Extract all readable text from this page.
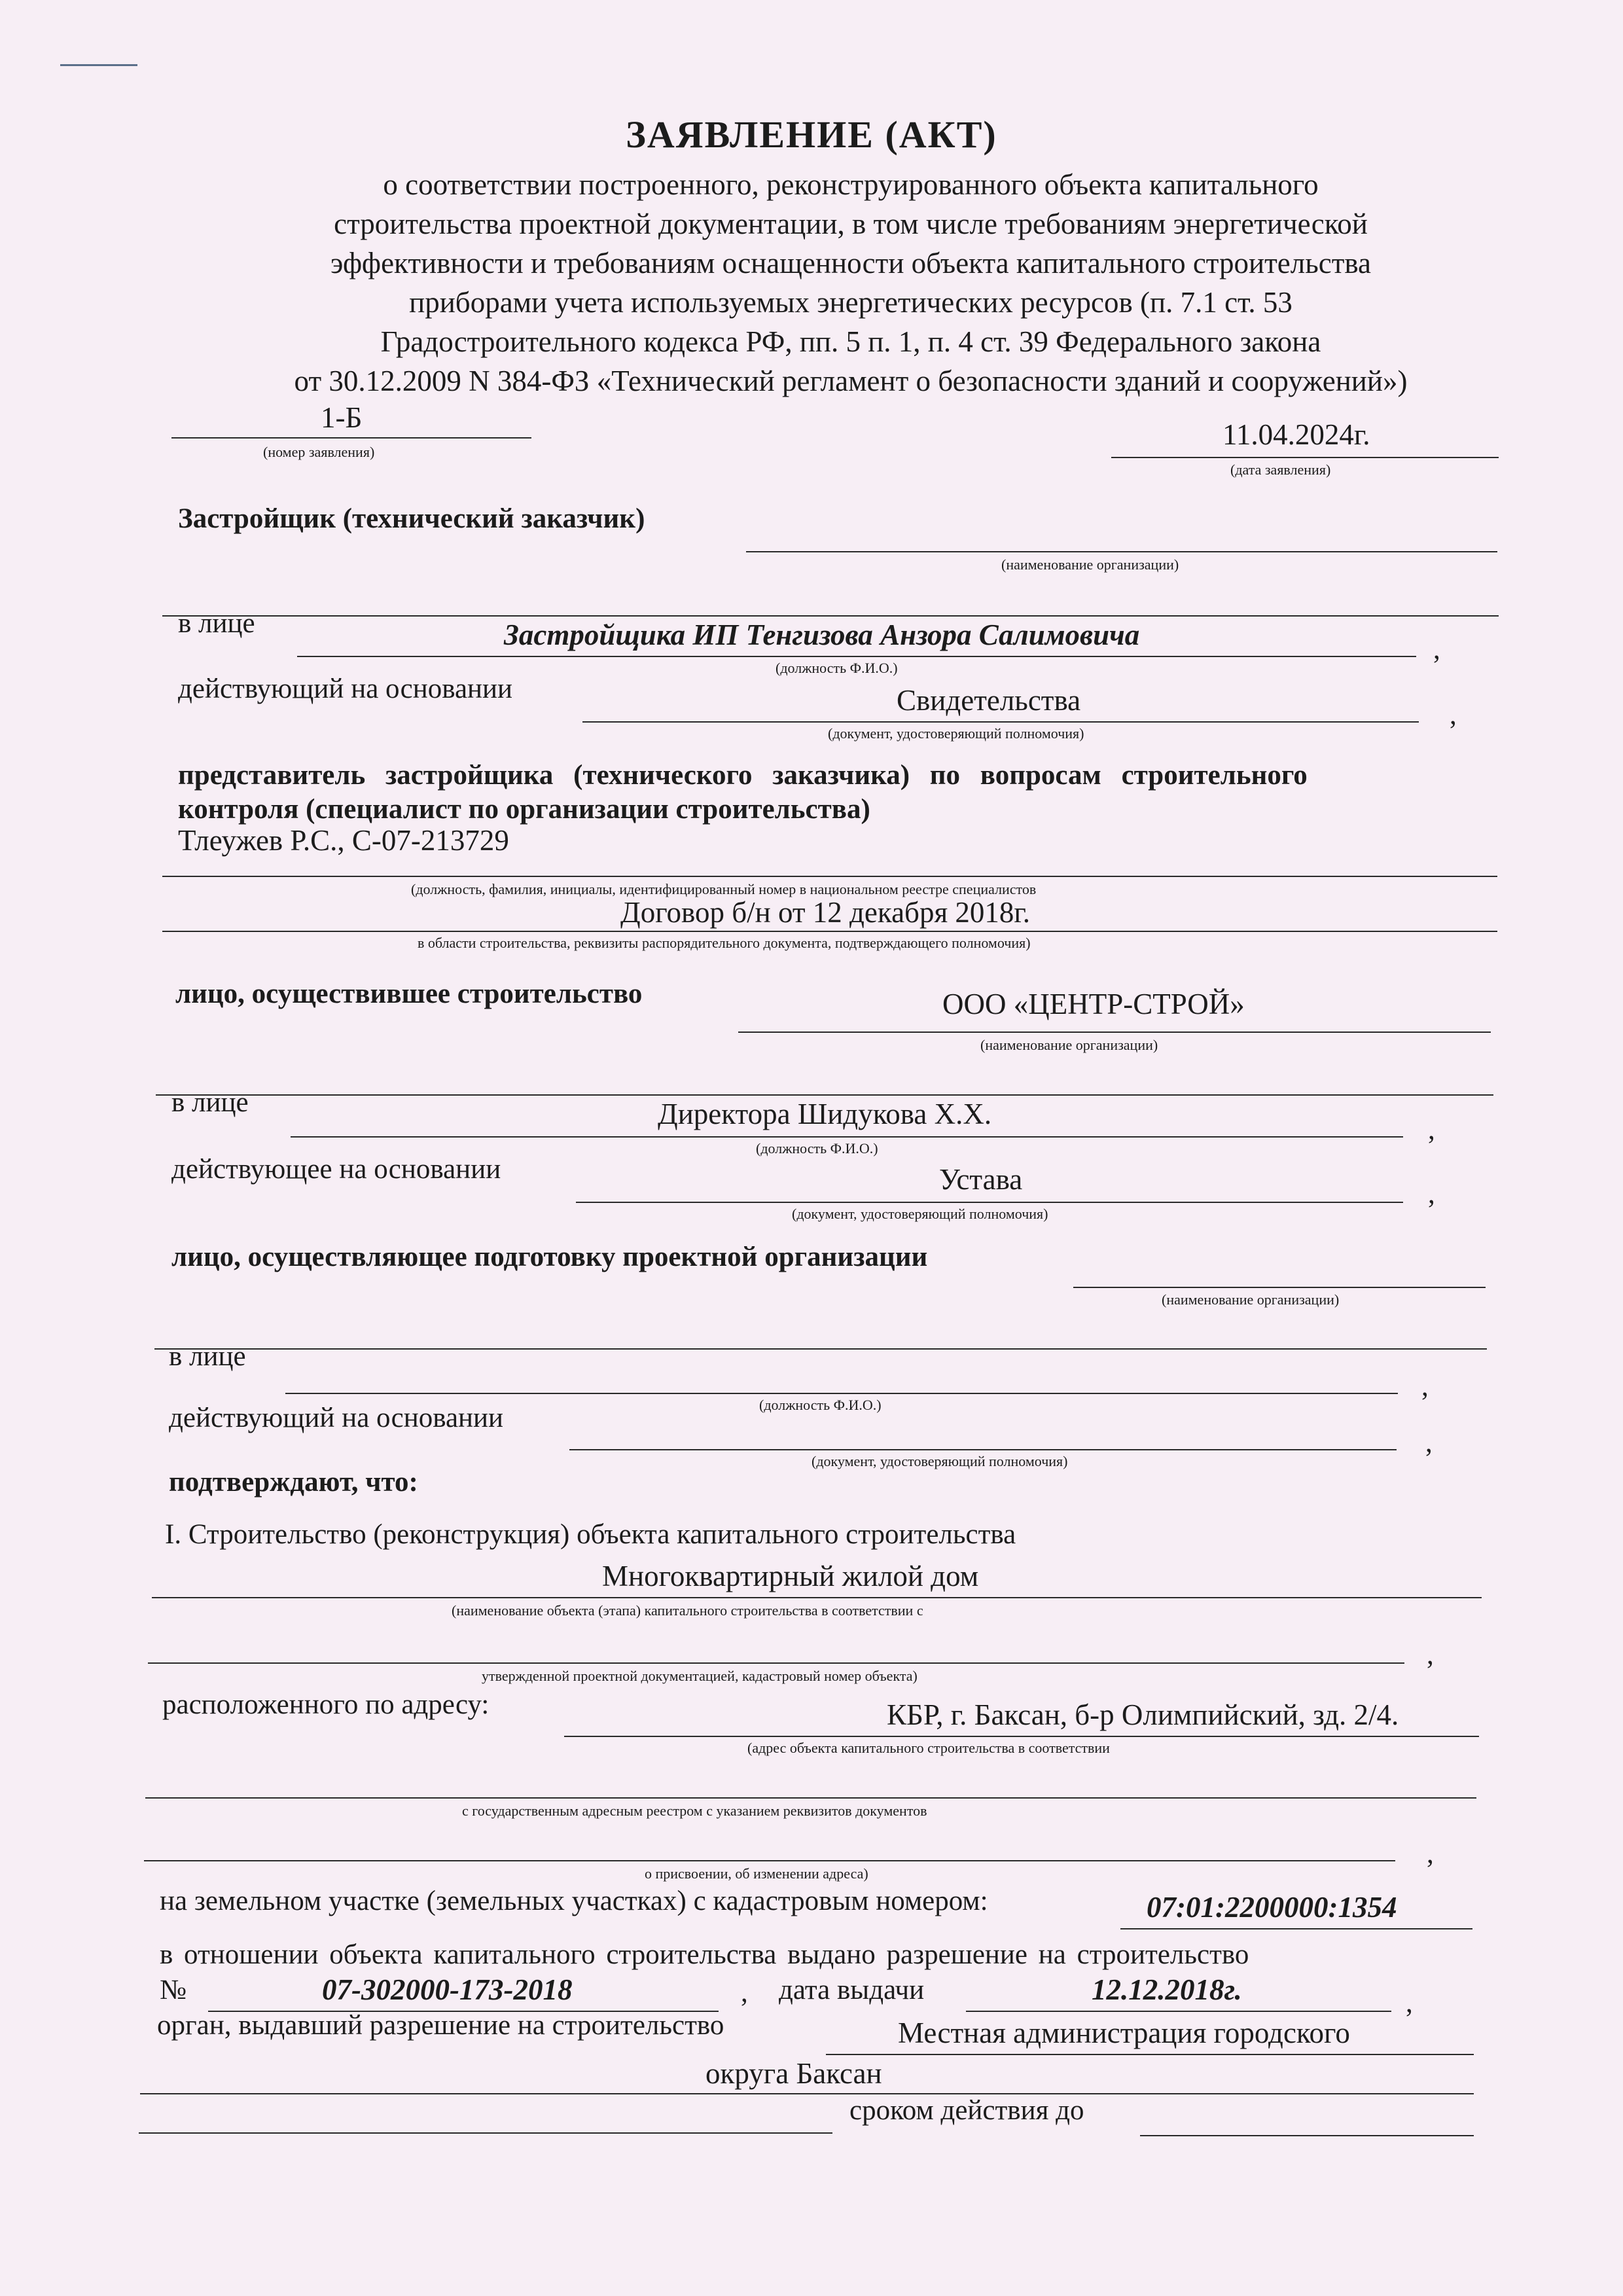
ЗАЯВЛЕНИЕ (АКТ)
о соответствии построенного, реконструированного объекта капитального
строительства проектной документации, в том числе требованиям энергетической
эффективности и требованиям оснащенности объекта капитального строительства
приборами учета используемых энергетических ресурсов (п. 7.1 ст. 53
Градостроительного кодекса РФ, пп. 5 п. 1, п. 4 ст. 39 Федерального закона
от 30.12.2009 N 384-ФЗ «Технический регламент о безопасности зданий и сооружений»)
1-Б
(номер заявления)
11.04.2024г.
(дата заявления)
Застройщик (технический заказчик)
(наименование организации)
в лице	Застройщика ИП Тенгизова Анзора Салимовича	,
(должность Ф.И.О.)
действующий на основании	Свидетельства	,
(документ, удостоверяющий полномочия)
представитель застройщика (технического заказчика) по вопросам строительного
контроля (специалист по организации строительства)
Тлеужев Р.С., С-07-213729
(должность, фамилия, инициалы, идентифицированный номер в национальном реестре специалистов
Договор б/н от 12 декабря 2018г.
в области строительства, реквизиты распорядительного документа, подтверждающего полномочия)
лицо, осуществившее строительство	ООО «ЦЕНТР-СТРОЙ»
(наименование организации)
в лице	Директора Шидукова Х.Х.	,
(должность Ф.И.О.)
действующее на основании	Устава	,
(документ, удостоверяющий полномочия)
лицо, осуществляющее подготовку проектной организации
(наименование организации)
в лице
,
(должность Ф.И.О.)
действующий на основании
,
(документ, удостоверяющий полномочия)
подтверждают, что:
I. Строительство (реконструкция) объекта капитального строительства
Многоквартирный жилой дом
(наименование объекта (этапа) капитального строительства в соответствии с
,
утвержденной проектной документацией, кадастровый номер объекта)
расположенного по адресу:	КБР, г. Баксан, б-р Олимпийский, зд. 2/4.
(адрес объекта капитального строительства в соответствии
с государственным адресным реестром с указанием реквизитов документов
,
о присвоении, об изменении адреса)
на земельном участке (земельных участках) с кадастровым номером:	07:01:2200000:1354
в отношении объекта капитального строительства выдано разрешение на строительство
№	07-302000-173-2018	, дата выдачи	12.12.2018г.	,
орган, выдавший разрешение на строительство	Местная администрация городского
округа Баксан
сроком действия до
